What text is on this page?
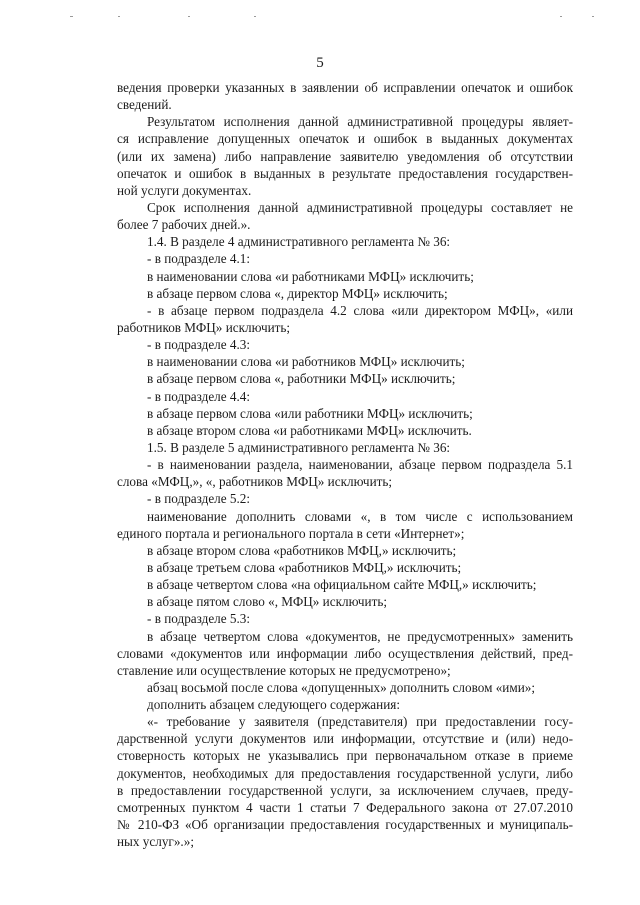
5
ведения проверки указанных в заявлении об исправлении опечаток и ошибок
сведений.
Результатом исполнения данной административной процедуры являет-
ся исправление допущенных опечаток и ошибок в выданных документах
(или их замена) либо направление заявителю уведомления об отсутствии
опечаток и ошибок в выданных в результате предоставления государствен-
ной услуги документах.
Срок исполнения данной административной процедуры составляет не
более 7 рабочих дней.».
1.4. В разделе 4 административного регламента № 36:
- в подразделе 4.1:
в наименовании слова «и работниками МФЦ» исключить;
в абзаце первом слова «, директор МФЦ» исключить;
- в абзаце первом подраздела 4.2 слова «или директором МФЦ», «или
работников МФЦ» исключить;
- в подразделе 4.3:
в наименовании слова «и работников МФЦ» исключить;
в абзаце первом слова «, работники МФЦ» исключить;
- в подразделе 4.4:
в абзаце первом слова «или работники МФЦ» исключить;
в абзаце втором слова «и работниками МФЦ» исключить.
1.5. В разделе 5 административного регламента № 36:
- в наименовании раздела, наименовании, абзаце первом подраздела 5.1
слова «МФЦ,», «, работников МФЦ» исключить;
- в подразделе 5.2:
наименование дополнить словами «, в том числе с использованием
единого портала и регионального портала в сети «Интернет»;
в абзаце втором слова «работников МФЦ,» исключить;
в абзаце третьем слова «работников МФЦ,» исключить;
в абзаце четвертом слова «на официальном сайте МФЦ,» исключить;
в абзаце пятом слово «, МФЦ» исключить;
- в подразделе 5.3:
в абзаце четвертом слова «документов, не предусмотренных» заменить
словами «документов или информации либо осуществления действий, пред-
ставление или осуществление которых не предусмотрено»;
абзац восьмой после слова «допущенных» дополнить словом «ими»;
дополнить абзацем следующего содержания:
«- требование у заявителя (представителя) при предоставлении госу-
дарственной услуги документов или информации, отсутствие и (или) недо-
стоверность которых не указывались при первоначальном отказе в приеме
документов, необходимых для предоставления государственной услуги, либо
в предоставлении государственной услуги, за исключением случаев, преду-
смотренных пунктом 4 части 1 статьи 7 Федерального закона от 27.07.2010
№ 210-ФЗ «Об организации предоставления государственных и муниципаль-
ных услуг».»;
